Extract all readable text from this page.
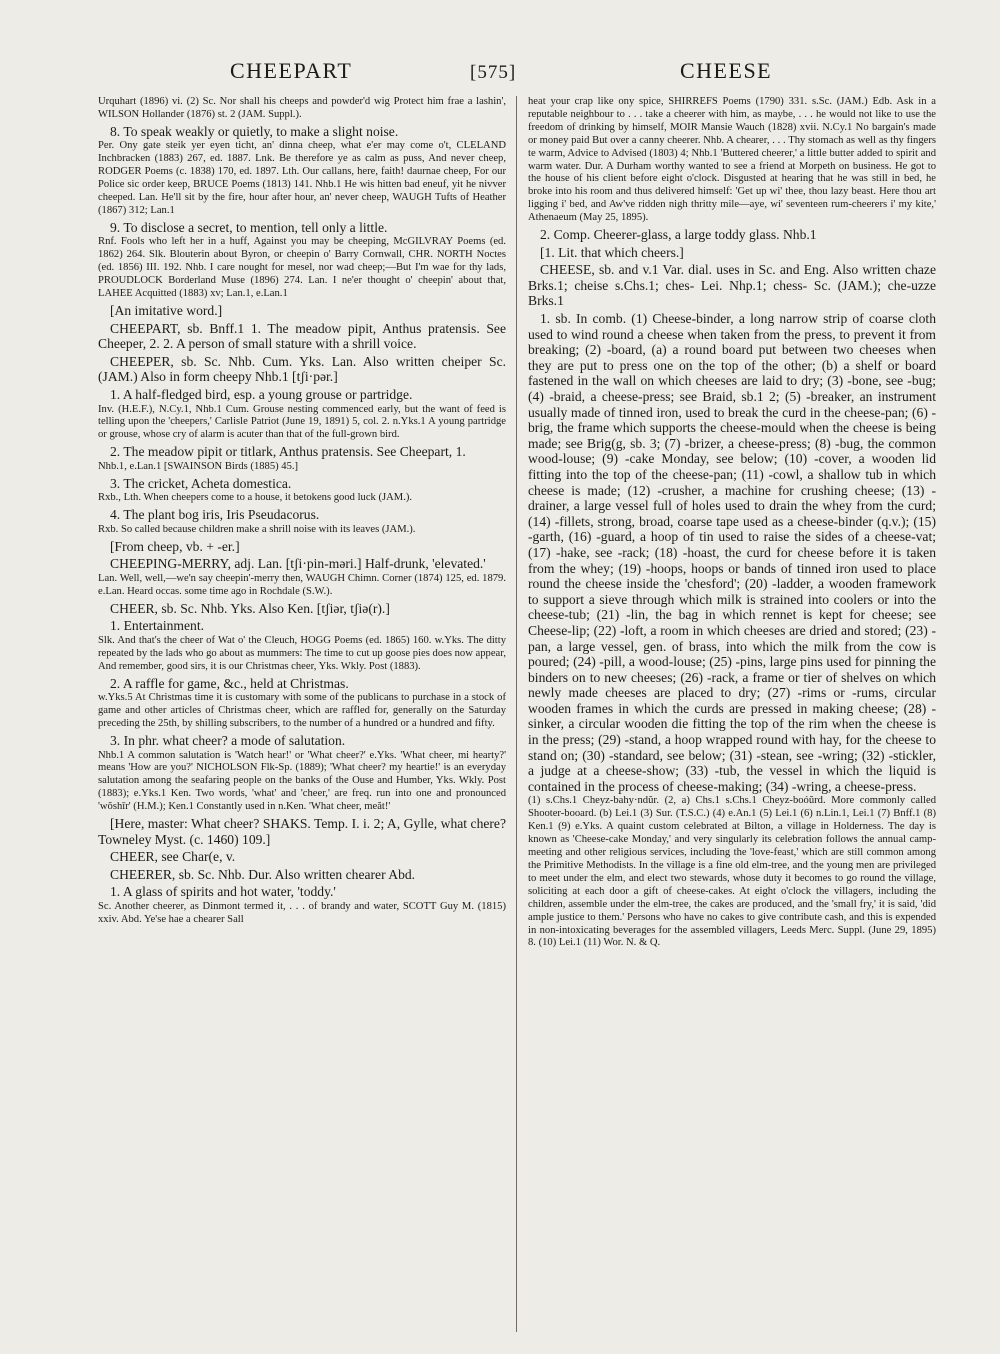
CHEEPART	[575]	CHEESE

Urquhart (1896) vi. (2) Sc. Nor shall his cheeps and powder'd wig Protect him frae a lashin', WILSON Hollander (1876) st. 2 (JAM. Suppl.).

8. To speak weakly or quietly, to make a slight noise.

Per. Ony gate steik yer eyen ticht, an' dinna cheep, what e'er may come o't, CLELAND Inchbracken (1883) 267, ed. 1887. Lnk. Be therefore ye as calm as puss, And never cheep, RODGER Poems (c. 1838) 170, ed. 1897. Lth. Our callans, here, faith! daurnae cheep, For our Police sic order keep, BRUCE Poems (1813) 141. Nhb.1 He wis hitten bad eneuf, yit he nivver cheeped. Lan. He'll sit by the fire, hour after hour, an' never cheep, WAUGH Tufts of Heather (1867) 312; Lan.1

9. To disclose a secret, to mention, tell only a little.

Rnf. Fools who left her in a huff, Against you may be cheeping, McGILVRAY Poems (ed. 1862) 264. Slk. Blouterin about Byron, or cheepin o' Barry Cornwall, CHR. NORTH Noctes (ed. 1856) III. 192. Nhb. I care nought for mesel, nor wad cheep;—But I'm wae for thy lads, PROUDLOCK Borderland Muse (1896) 274. Lan. I ne'er thought o' cheepin' about that, LAHEE Acquitted (1883) xv; Lan.1, e.Lan.1

[An imitative word.]

CHEEPART, sb. Bnff.1 1. The meadow pipit, Anthus pratensis. See Cheeper, 2. 2. A person of small stature with a shrill voice.

CHEEPER, sb. Sc. Nhb. Cum. Yks. Lan. Also written cheiper Sc. (JAM.) Also in form cheepy Nhb.1 [tʃi·pər.]

1. A half-fledged bird, esp. a young grouse or partridge.

Inv. (H.E.F.), N.Cy.1, Nhb.1 Cum. Grouse nesting commenced early, but the want of feed is telling upon the 'cheepers,' Carlisle Patriot (June 19, 1891) 5, col. 2. n.Yks.1 A young partridge or grouse, whose cry of alarm is acuter than that of the full-grown bird.

2. The meadow pipit or titlark, Anthus pratensis. See Cheepart, 1.

Nhb.1, e.Lan.1 [SWAINSON Birds (1885) 45.]

3. The cricket, Acheta domestica.

Rxb., Lth. When cheepers come to a house, it betokens good luck (JAM.).

4. The plant bog iris, Iris Pseudacorus.

Rxb. So called because children make a shrill noise with its leaves (JAM.).

[From cheep, vb. + -er.]

CHEEPING-MERRY, adj. Lan. [tʃi·pin-məri.] Half-drunk, 'elevated.'

Lan. Well, well,—we'n say cheepin'-merry then, WAUGH Chimn. Corner (1874) 125, ed. 1879. e.Lan. Heard occas. some time ago in Rochdale (S.W.).

CHEER, sb. Sc. Nhb. Yks. Also Ken. [tʃiər, tʃiə(r).]

1. Entertainment.

Slk. And that's the cheer of Wat o' the Cleuch, HOGG Poems (ed. 1865) 160. w.Yks. The ditty repeated by the lads who go about as mummers: The time to cut up goose pies does now appear, And remember, good sirs, it is our Christmas cheer, Yks. Wkly. Post (1883).

2. A raffle for game, &c., held at Christmas.

w.Yks.5 At Christmas time it is customary with some of the publicans to purchase in a stock of game and other articles of Christmas cheer, which are raffled for, generally on the Saturday preceding the 25th, by shilling subscribers, to the number of a hundred or a hundred and fifty.

3. In phr. what cheer? a mode of salutation.

Nhb.1 A common salutation is 'Watch hear!' or 'What cheer?' e.Yks. 'What cheer, mi hearty?' means 'How are you?' NICHOLSON Flk-Sp. (1889); 'What cheer? my heartie!' is an everyday salutation among the seafaring people on the banks of the Ouse and Humber, Yks. Wkly. Post (1883); e.Yks.1 Ken. Two words, 'what' and 'cheer,' are freq. run into one and pronounced 'wŏshīr' (H.M.); Ken.1 Constantly used in n.Ken. 'What cheer, meăt!'

[Here, master: What cheer? SHAKS. Temp. I. i. 2; A, Gylle, what chere? Towneley Myst. (c. 1460) 109.]

CHEER, see Char(e, v.

CHEERER, sb. Sc. Nhb. Dur. Also written chearer Abd.

1. A glass of spirits and hot water, 'toddy.'

Sc. Another cheerer, as Dinmont termed it, . . . of brandy and water, SCOTT Guy M. (1815) xxiv. Abd. Ye'se hae a chearer Sall

heat your crap like ony spice, SHIRREFS Poems (1790) 331. s.Sc. (JAM.) Edb. Ask in a reputable neighbour to . . . take a cheerer with him, as maybe, . . . he would not like to use the freedom of drinking by himself, MOIR Mansie Wauch (1828) xvii. N.Cy.1 No bargain's made or money paid But over a canny cheerer. Nhb. A chearer, . . . Thy stomach as well as thy fingers te warm, Advice to Advised (1803) 4; Nhb.1 'Buttered cheerer,' a little butter added to spirit and warm water. Dur. A Durham worthy wanted to see a friend at Morpeth on business. He got to the house of his client before eight o'clock. Disgusted at hearing that he was still in bed, he broke into his room and thus delivered himself: 'Get up wi' thee, thou lazy beast. Here thou art ligging i' bed, and Aw've ridden nigh thritty mile—aye, wi' seventeen rum-cheerers i' my kite,' Athenaeum (May 25, 1895).

2. Comp. Cheerer-glass, a large toddy glass. Nhb.1

[1. Lit. that which cheers.]

CHEESE, sb. and v.1 Var. dial. uses in Sc. and Eng. Also written chaze Brks.1; cheise s.Chs.1; ches- Lei. Nhp.1; chess- Sc. (JAM.); che-uzze Brks.1

1. sb. In comb. (1) Cheese-binder, a long narrow strip of coarse cloth used to wind round a cheese when taken from the press, to prevent it from breaking; (2) -board, (a) a round board put between two cheeses when they are put to press one on the top of the other; (b) a shelf or board fastened in the wall on which cheeses are laid to dry; (3) -bone, see -bug; (4) -braid, a cheese-press; see Braid, sb.1 2; (5) -breaker, an instrument usually made of tinned iron, used to break the curd in the cheese-pan; (6) -brig, the frame which supports the cheese-mould when the cheese is being made; see Brig(g, sb. 3; (7) -brizer, a cheese-press; (8) -bug, the common wood-louse; (9) -cake Monday, see below; (10) -cover, a wooden lid fitting into the top of the cheese-pan; (11) -cowl, a shallow tub in which cheese is made; (12) -crusher, a machine for crushing cheese; (13) -drainer, a large vessel full of holes used to drain the whey from the curd; (14) -fillets, strong, broad, coarse tape used as a cheese-binder (q.v.); (15) -garth, (16) -guard, a hoop of tin used to raise the sides of a cheese-vat; (17) -hake, see -rack; (18) -hoast, the curd for cheese before it is taken from the whey; (19) -hoops, hoops or bands of tinned iron used to place round the cheese inside the 'chesford'; (20) -ladder, a wooden framework to support a sieve through which milk is strained into coolers or into the cheese-tub; (21) -lin, the bag in which rennet is kept for cheese; see Cheese-lip; (22) -loft, a room in which cheeses are dried and stored; (23) -pan, a large vessel, gen. of brass, into which the milk from the cow is poured; (24) -pill, a wood-louse; (25) -pins, large pins used for pinning the binders on to new cheeses; (26) -rack, a frame or tier of shelves on which newly made cheeses are placed to dry; (27) -rims or -rums, circular wooden frames in which the curds are pressed in making cheese; (28) -sinker, a circular wooden die fitting the top of the rim when the cheese is in the press; (29) -stand, a hoop wrapped round with hay, for the cheese to stand on; (30) -standard, see below; (31) -stean, see -wring; (32) -stickler, a judge at a cheese-show; (33) -tub, the vessel in which the liquid is contained in the process of cheese-making; (34) -wring, a cheese-press.

(1) s.Chs.1 Cheyz-bahy·ndŭr. (2, a) Chs.1 s.Chs.1 Cheyz-boóŭrd. More commonly called Shooter-booard. (b) Lei.1 (3) Sur. (T.S.C.) (4) e.An.1 (5) Lei.1 (6) n.Lin.1, Lei.1 (7) Bnff.1 (8) Ken.1 (9) e.Yks. A quaint custom celebrated at Bilton, a village in Holderness. The day is known as 'Cheese-cake Monday,' and very singularly its celebration follows the annual camp-meeting and other religious services, including the 'love-feast,' which are still common among the Primitive Methodists. In the village is a fine old elm-tree, and the young men are privileged to meet under the elm, and elect two stewards, whose duty it becomes to go round the village, soliciting at each door a gift of cheese-cakes. At eight o'clock the villagers, including the children, assemble under the elm-tree, the cakes are produced, and the 'small fry,' it is said, 'did ample justice to them.' Persons who have no cakes to give contribute cash, and this is expended in non-intoxicating beverages for the assembled villagers, Leeds Merc. Suppl. (June 29, 1895) 8. (10) Lei.1 (11) Wor. N. & Q.
